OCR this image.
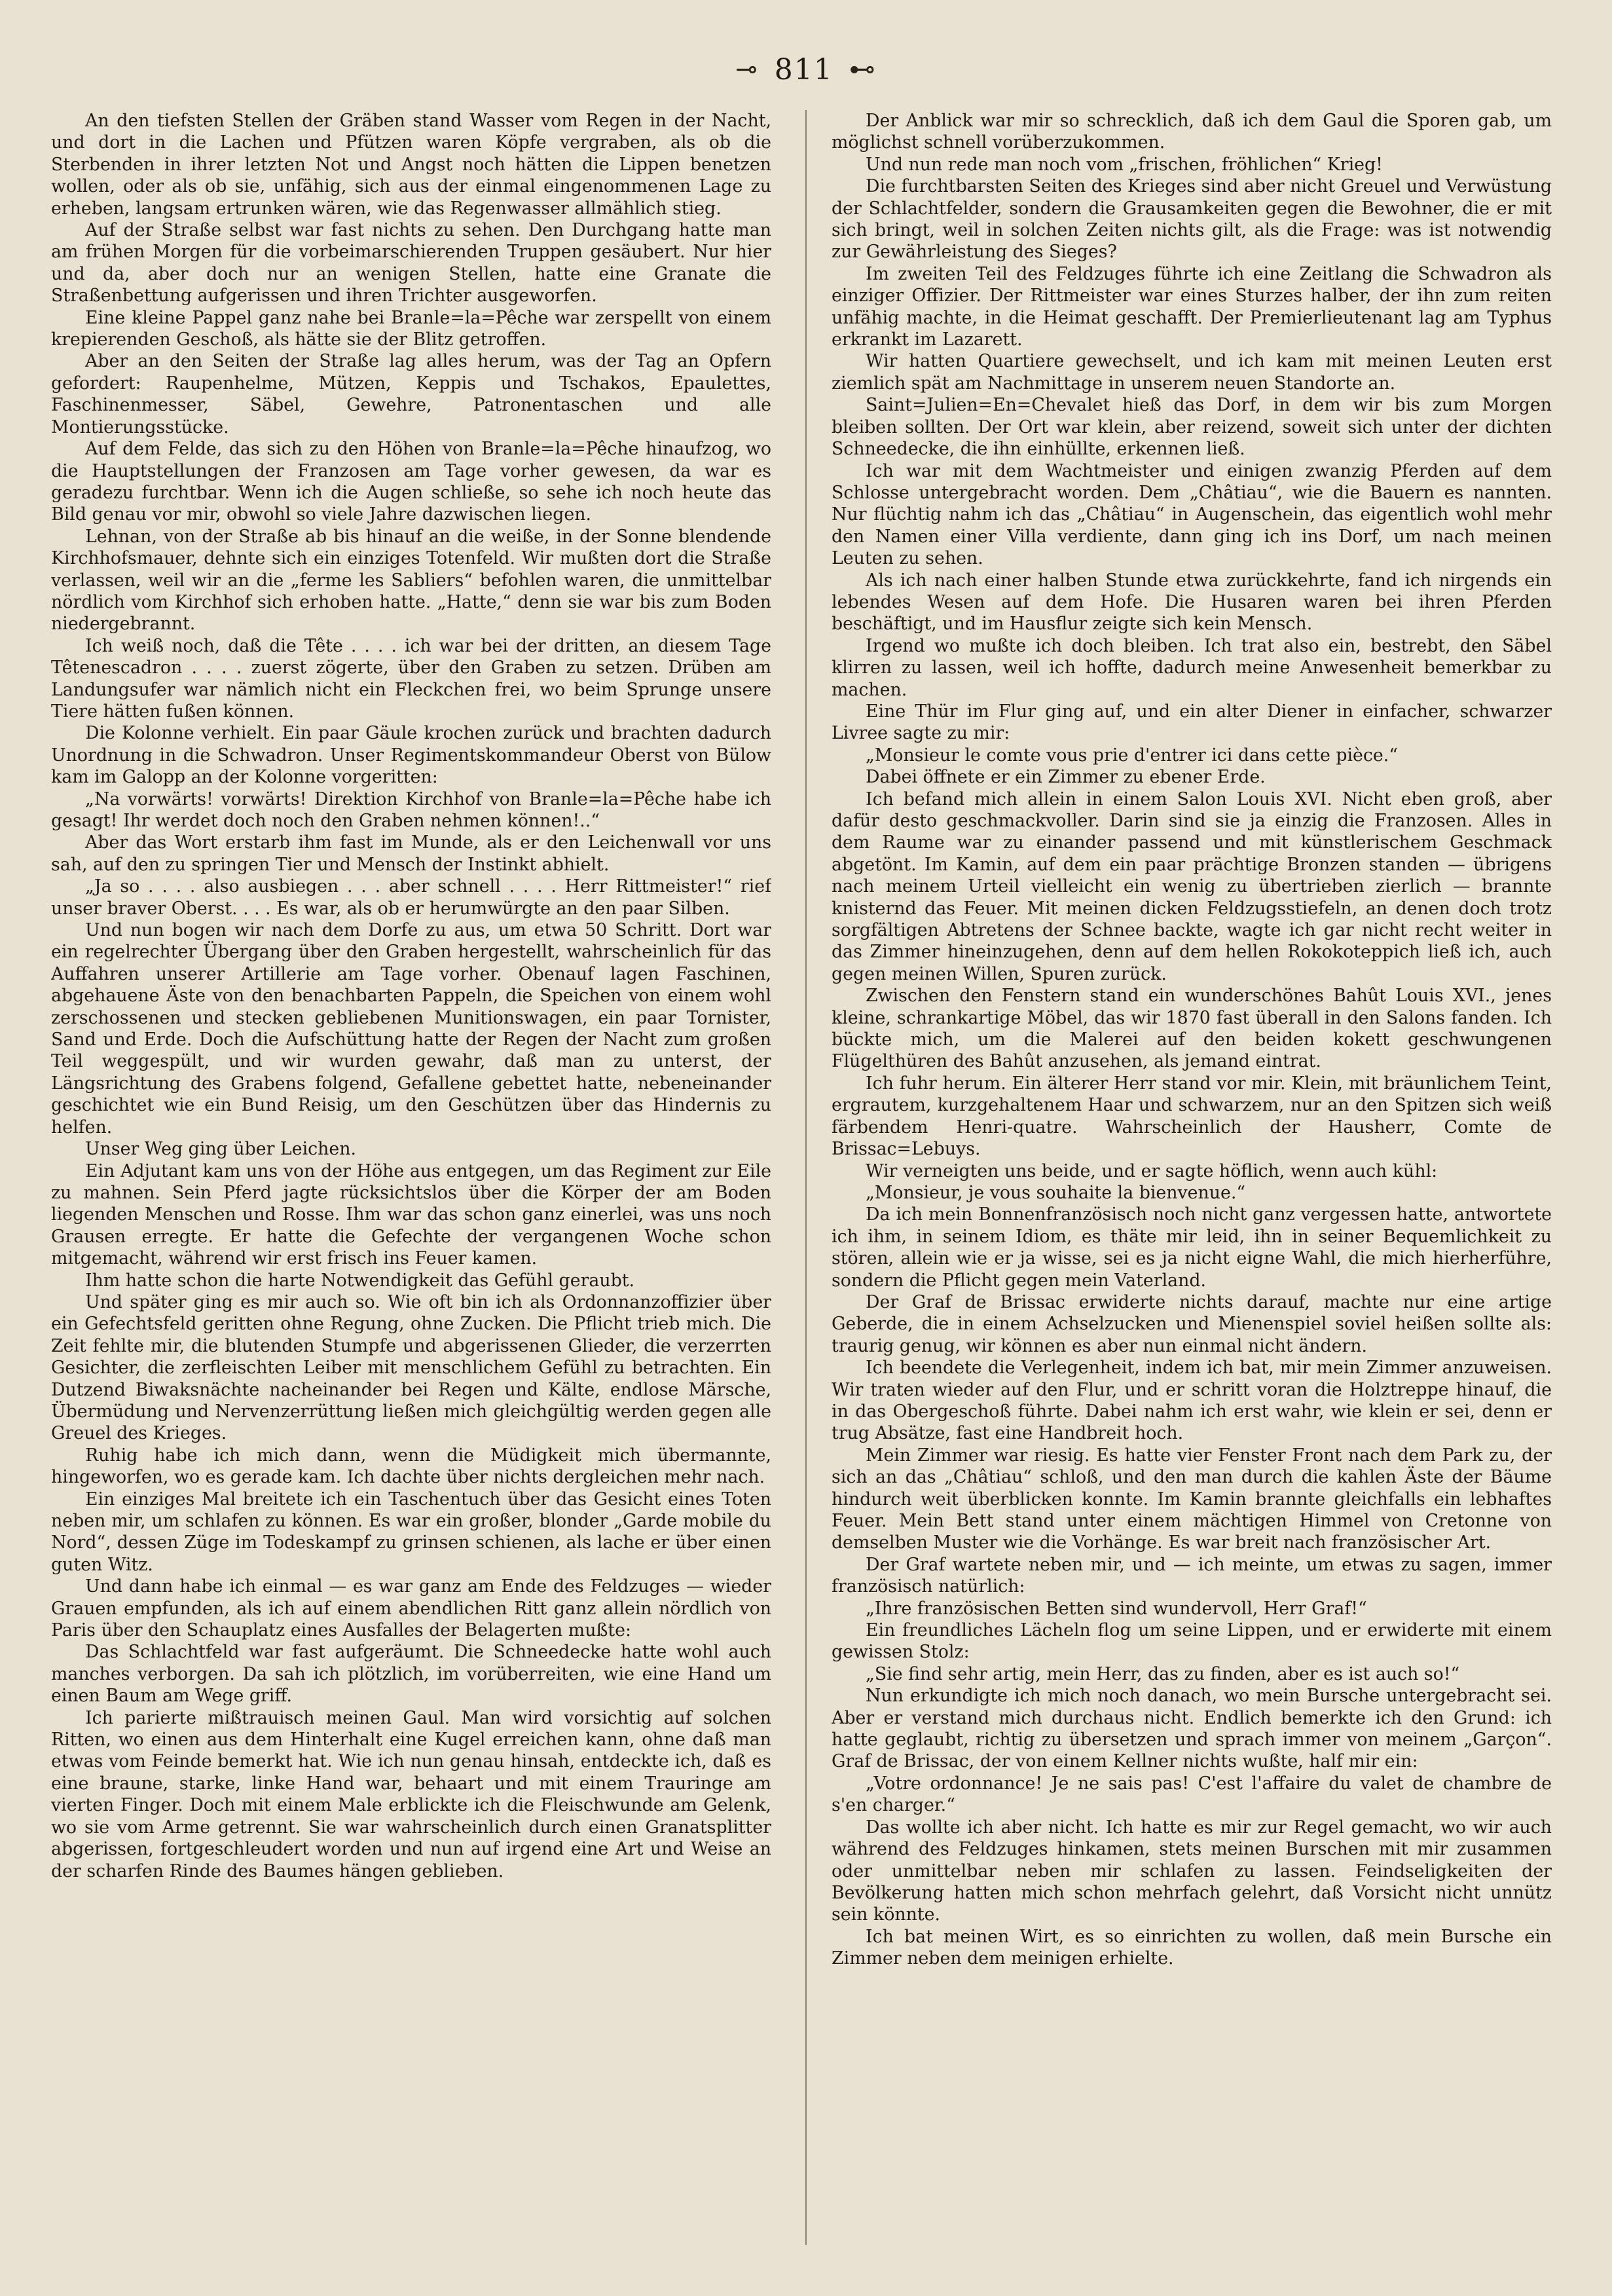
⊸ 811 ⊷

An den tiefsten Stellen der Gräben stand Wasser vom Regen in der Nacht, und dort in die Lachen und Pfützen waren Köpfe vergraben, als ob die Sterbenden in ihrer letzten Not und Angst noch hätten die Lippen benetzen wollen, oder als ob sie, unfähig, sich aus der einmal eingenommenen Lage zu erheben, langsam ertrunken wären, wie das Regenwasser allmählich stieg.

Auf der Straße selbst war fast nichts zu sehen. Den Durchgang hatte man am frühen Morgen für die vorbeimarschierenden Truppen gesäubert. Nur hier und da, aber doch nur an wenigen Stellen, hatte eine Granate die Straßenbettung aufgerissen und ihren Trichter ausgeworfen.

Eine kleine Pappel ganz nahe bei Branle=la=Pêche war zerspellt von einem krepierenden Geschoß, als hätte sie der Blitz getroffen.

Aber an den Seiten der Straße lag alles herum, was der Tag an Opfern gefordert: Raupenhelme, Mützen, Keppis und Tschakos, Epaulettes, Faschinenmesser, Säbel, Gewehre, Patronentaschen und alle Montierungsstücke.

Auf dem Felde, das sich zu den Höhen von Branle=la=Pêche hinaufzog, wo die Hauptstellungen der Franzosen am Tage vorher gewesen, da war es geradezu furchtbar. Wenn ich die Augen schließe, so sehe ich noch heute das Bild genau vor mir, obwohl so viele Jahre dazwischen liegen.

Lehnan, von der Straße ab bis hinauf an die weiße, in der Sonne blendende Kirchhofsmauer, dehnte sich ein einziges Totenfeld. Wir mußten dort die Straße verlassen, weil wir an die „ferme les Sabliers“ befohlen waren, die unmittelbar nördlich vom Kirchhof sich erhoben hatte. „Hatte,“ denn sie war bis zum Boden niedergebrannt.

Ich weiß noch, daß die Tête . . . . ich war bei der dritten, an diesem Tage Têtenescadron . . . . zuerst zögerte, über den Graben zu setzen. Drüben am Landungsufer war nämlich nicht ein Fleckchen frei, wo beim Sprunge unsere Tiere hätten fußen können.

Die Kolonne verhielt. Ein paar Gäule krochen zurück und brachten dadurch Unordnung in die Schwadron. Unser Regimentskommandeur Oberst von Bülow kam im Galopp an der Kolonne vorgeritten:

„Na vorwärts! vorwärts! Direktion Kirchhof von Branle=la=Pêche habe ich gesagt! Ihr werdet doch noch den Graben nehmen können!..“

Aber das Wort erstarb ihm fast im Munde, als er den Leichenwall vor uns sah, auf den zu springen Tier und Mensch der Instinkt abhielt.

„Ja so . . . . also ausbiegen . . . aber schnell . . . . Herr Rittmeister!“ rief unser braver Oberst. . . . Es war, als ob er herumwürgte an den paar Silben.

Und nun bogen wir nach dem Dorfe zu aus, um etwa 50 Schritt. Dort war ein regelrechter Übergang über den Graben hergestellt, wahrscheinlich für das Auffahren unserer Artillerie am Tage vorher. Obenauf lagen Faschinen, abgehauene Äste von den benachbarten Pappeln, die Speichen von einem wohl zerschossenen und stecken gebliebenen Munitionswagen, ein paar Tornister, Sand und Erde. Doch die Aufschüttung hatte der Regen der Nacht zum großen Teil weggespült, und wir wurden gewahr, daß man zu unterst, der Längsrichtung des Grabens folgend, Gefallene gebettet hatte, nebeneinander geschichtet wie ein Bund Reisig, um den Geschützen über das Hindernis zu helfen.

Unser Weg ging über Leichen.

Ein Adjutant kam uns von der Höhe aus entgegen, um das Regiment zur Eile zu mahnen. Sein Pferd jagte rücksichtslos über die Körper der am Boden liegenden Menschen und Rosse. Ihm war das schon ganz einerlei, was uns noch Grausen erregte. Er hatte die Gefechte der vergangenen Woche schon mitgemacht, während wir erst frisch ins Feuer kamen.

Ihm hatte schon die harte Notwendigkeit das Gefühl geraubt.

Und später ging es mir auch so. Wie oft bin ich als Ordonnanzoffizier über ein Gefechtsfeld geritten ohne Regung, ohne Zucken. Die Pflicht trieb mich. Die Zeit fehlte mir, die blutenden Stumpfe und abgerissenen Glieder, die verzerrten Gesichter, die zerfleischten Leiber mit menschlichem Gefühl zu betrachten. Ein Dutzend Biwaksnächte nacheinander bei Regen und Kälte, endlose Märsche, Übermüdung und Nervenzerrüttung ließen mich gleichgültig werden gegen alle Greuel des Krieges.

Ruhig habe ich mich dann, wenn die Müdigkeit mich übermannte, hingeworfen, wo es gerade kam. Ich dachte über nichts dergleichen mehr nach.

Ein einziges Mal breitete ich ein Taschentuch über das Gesicht eines Toten neben mir, um schlafen zu können. Es war ein großer, blonder „Garde mobile du Nord“, dessen Züge im Todeskampf zu grinsen schienen, als lache er über einen guten Witz.

Und dann habe ich einmal — es war ganz am Ende des Feldzuges — wieder Grauen empfunden, als ich auf einem abendlichen Ritt ganz allein nördlich von Paris über den Schauplatz eines Ausfalles der Belagerten mußte:

Das Schlachtfeld war fast aufgeräumt. Die Schneedecke hatte wohl auch manches verborgen. Da sah ich plötzlich, im vorüberreiten, wie eine Hand um einen Baum am Wege griff.

Ich parierte mißtrauisch meinen Gaul. Man wird vorsichtig auf solchen Ritten, wo einen aus dem Hinterhalt eine Kugel erreichen kann, ohne daß man etwas vom Feinde bemerkt hat. Wie ich nun genau hinsah, entdeckte ich, daß es eine braune, starke, linke Hand war, behaart und mit einem Trauringe am vierten Finger. Doch mit einem Male erblickte ich die Fleischwunde am Gelenk, wo sie vom Arme getrennt. Sie war wahrscheinlich durch einen Granatsplitter abgerissen, fortgeschleudert worden und nun auf irgend eine Art und Weise an der scharfen Rinde des Baumes hängen geblieben.

Der Anblick war mir so schrecklich, daß ich dem Gaul die Sporen gab, um möglichst schnell vorüberzukommen.

Und nun rede man noch vom „frischen, fröhlichen“ Krieg!

Die furchtbarsten Seiten des Krieges sind aber nicht Greuel und Verwüstung der Schlachtfelder, sondern die Grausamkeiten gegen die Bewohner, die er mit sich bringt, weil in solchen Zeiten nichts gilt, als die Frage: was ist notwendig zur Gewährleistung des Sieges?

Im zweiten Teil des Feldzuges führte ich eine Zeitlang die Schwadron als einziger Offizier. Der Rittmeister war eines Sturzes halber, der ihn zum reiten unfähig machte, in die Heimat geschafft. Der Premierlieutenant lag am Typhus erkrankt im Lazarett.

Wir hatten Quartiere gewechselt, und ich kam mit meinen Leuten erst ziemlich spät am Nachmittage in unserem neuen Standorte an.

Saint=Julien=En=Chevalet hieß das Dorf, in dem wir bis zum Morgen bleiben sollten. Der Ort war klein, aber reizend, soweit sich unter der dichten Schneedecke, die ihn einhüllte, erkennen ließ.

Ich war mit dem Wachtmeister und einigen zwanzig Pferden auf dem Schlosse untergebracht worden. Dem „Châtiau“, wie die Bauern es nannten. Nur flüchtig nahm ich das „Châtiau“ in Augenschein, das eigentlich wohl mehr den Namen einer Villa verdiente, dann ging ich ins Dorf, um nach meinen Leuten zu sehen.

Als ich nach einer halben Stunde etwa zurückkehrte, fand ich nirgends ein lebendes Wesen auf dem Hofe. Die Husaren waren bei ihren Pferden beschäftigt, und im Hausflur zeigte sich kein Mensch.

Irgend wo mußte ich doch bleiben. Ich trat also ein, bestrebt, den Säbel klirren zu lassen, weil ich hoffte, dadurch meine Anwesenheit bemerkbar zu machen.

Eine Thür im Flur ging auf, und ein alter Diener in einfacher, schwarzer Livree sagte zu mir:

„Monsieur le comte vous prie d'entrer ici dans cette pièce.“

Dabei öffnete er ein Zimmer zu ebener Erde.

Ich befand mich allein in einem Salon Louis XVI. Nicht eben groß, aber dafür desto geschmackvoller. Darin sind sie ja einzig die Franzosen. Alles in dem Raume war zu einander passend und mit künstlerischem Geschmack abgetönt. Im Kamin, auf dem ein paar prächtige Bronzen standen — übrigens nach meinem Urteil vielleicht ein wenig zu übertrieben zierlich — brannte knisternd das Feuer. Mit meinen dicken Feldzugsstiefeln, an denen doch trotz sorgfältigen Abtretens der Schnee backte, wagte ich gar nicht recht weiter in das Zimmer hineinzugehen, denn auf dem hellen Rokokoteppich ließ ich, auch gegen meinen Willen, Spuren zurück.

Zwischen den Fenstern stand ein wunderschönes Bahût Louis XVI., jenes kleine, schrankartige Möbel, das wir 1870 fast überall in den Salons fanden. Ich bückte mich, um die Malerei auf den beiden kokett geschwungenen Flügelthüren des Bahût anzusehen, als jemand eintrat.

Ich fuhr herum. Ein älterer Herr stand vor mir. Klein, mit bräunlichem Teint, ergrautem, kurzgehaltenem Haar und schwarzem, nur an den Spitzen sich weiß färbendem Henri-quatre. Wahrscheinlich der Hausherr, Comte de Brissac=Lebuys.

Wir verneigten uns beide, und er sagte höflich, wenn auch kühl:

„Monsieur, je vous souhaite la bienvenue.“

Da ich mein Bonnenfranzösisch noch nicht ganz vergessen hatte, antwortete ich ihm, in seinem Idiom, es thäte mir leid, ihn in seiner Bequemlichkeit zu stören, allein wie er ja wisse, sei es ja nicht eigne Wahl, die mich hierherführe, sondern die Pflicht gegen mein Vaterland.

Der Graf de Brissac erwiderte nichts darauf, machte nur eine artige Geberde, die in einem Achselzucken und Mienenspiel soviel heißen sollte als: traurig genug, wir können es aber nun einmal nicht ändern.

Ich beendete die Verlegenheit, indem ich bat, mir mein Zimmer anzuweisen. Wir traten wieder auf den Flur, und er schritt voran die Holztreppe hinauf, die in das Obergeschoß führte. Dabei nahm ich erst wahr, wie klein er sei, denn er trug Absätze, fast eine Handbreit hoch.

Mein Zimmer war riesig. Es hatte vier Fenster Front nach dem Park zu, der sich an das „Châtiau“ schloß, und den man durch die kahlen Äste der Bäume hindurch weit überblicken konnte. Im Kamin brannte gleichfalls ein lebhaftes Feuer. Mein Bett stand unter einem mächtigen Himmel von Cretonne von demselben Muster wie die Vorhänge. Es war breit nach französischer Art.

Der Graf wartete neben mir, und — ich meinte, um etwas zu sagen, immer französisch natürlich:

„Ihre französischen Betten sind wundervoll, Herr Graf!“

Ein freundliches Lächeln flog um seine Lippen, und er erwiderte mit einem gewissen Stolz:

„Sie find sehr artig, mein Herr, das zu finden, aber es ist auch so!“

Nun erkundigte ich mich noch danach, wo mein Bursche untergebracht sei. Aber er verstand mich durchaus nicht. Endlich bemerkte ich den Grund: ich hatte geglaubt, richtig zu übersetzen und sprach immer von meinem „Garçon“. Graf de Brissac, der von einem Kellner nichts wußte, half mir ein:

„Votre ordonnance! Je ne sais pas! C'est l'affaire du valet de chambre de s'en charger.“

Das wollte ich aber nicht. Ich hatte es mir zur Regel gemacht, wo wir auch während des Feldzuges hinkamen, stets meinen Burschen mit mir zusammen oder unmittelbar neben mir schlafen zu lassen. Feindseligkeiten der Bevölkerung hatten mich schon mehrfach gelehrt, daß Vorsicht nicht unnütz sein könnte.

Ich bat meinen Wirt, es so einrichten zu wollen, daß mein Bursche ein Zimmer neben dem meinigen erhielte.
